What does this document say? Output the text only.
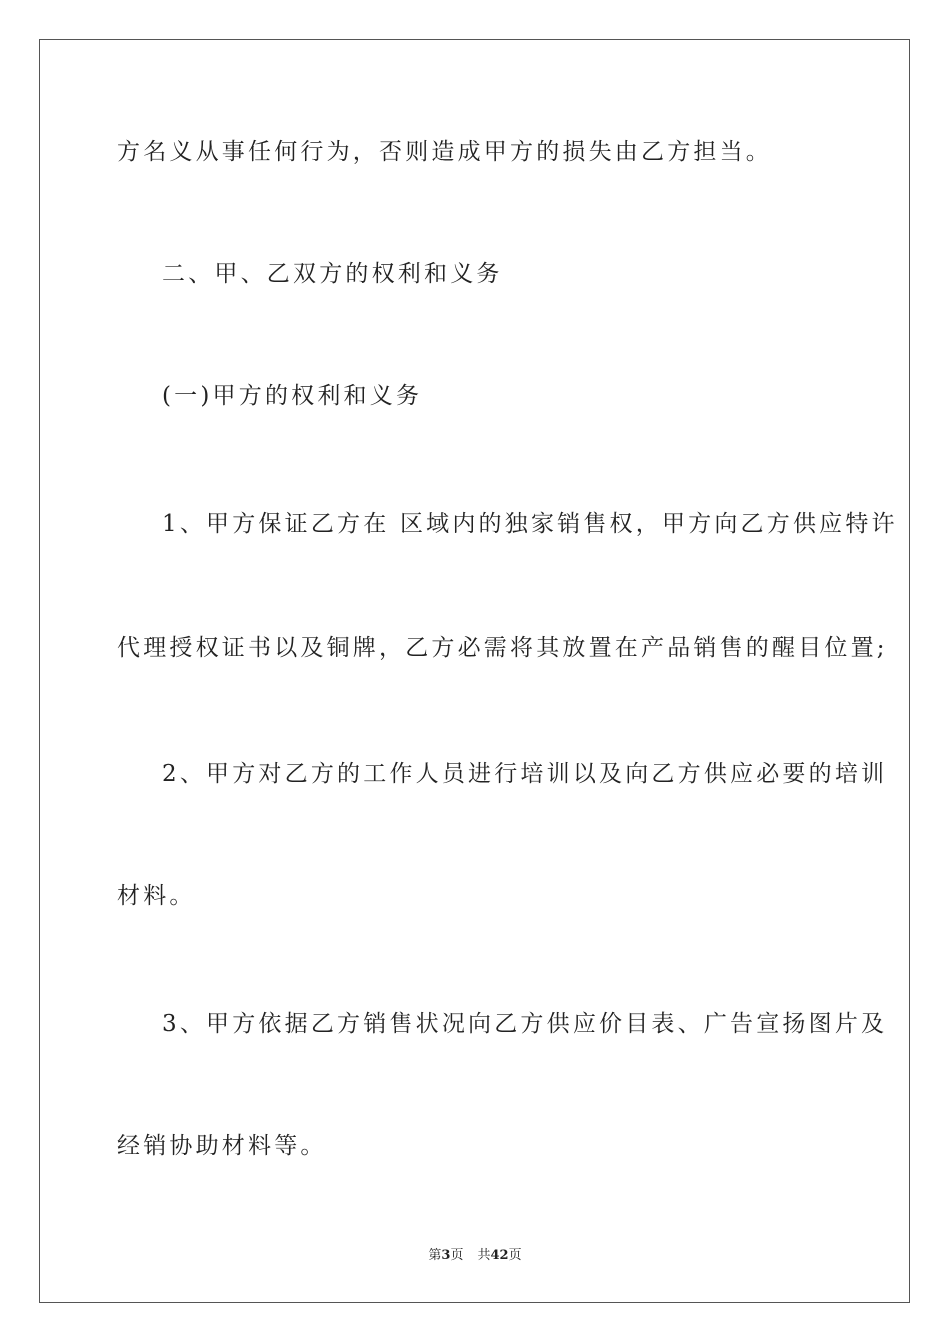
方名义从事任何行为，否则造成甲方的损失由乙方担当。

二、甲、乙双方的权利和义务

(一)甲方的权利和义务

1、甲方保证乙方在 区域内的独家销售权，甲方向乙方供应特许

代理授权证书以及铜牌，乙方必需将其放置在产品销售的醒目位置;

2、甲方对乙方的工作人员进行培训以及向乙方供应必要的培训

材料。

3、甲方依据乙方销售状况向乙方供应价目表、广告宣扬图片及

经销协助材料等。

第3页 共42页
